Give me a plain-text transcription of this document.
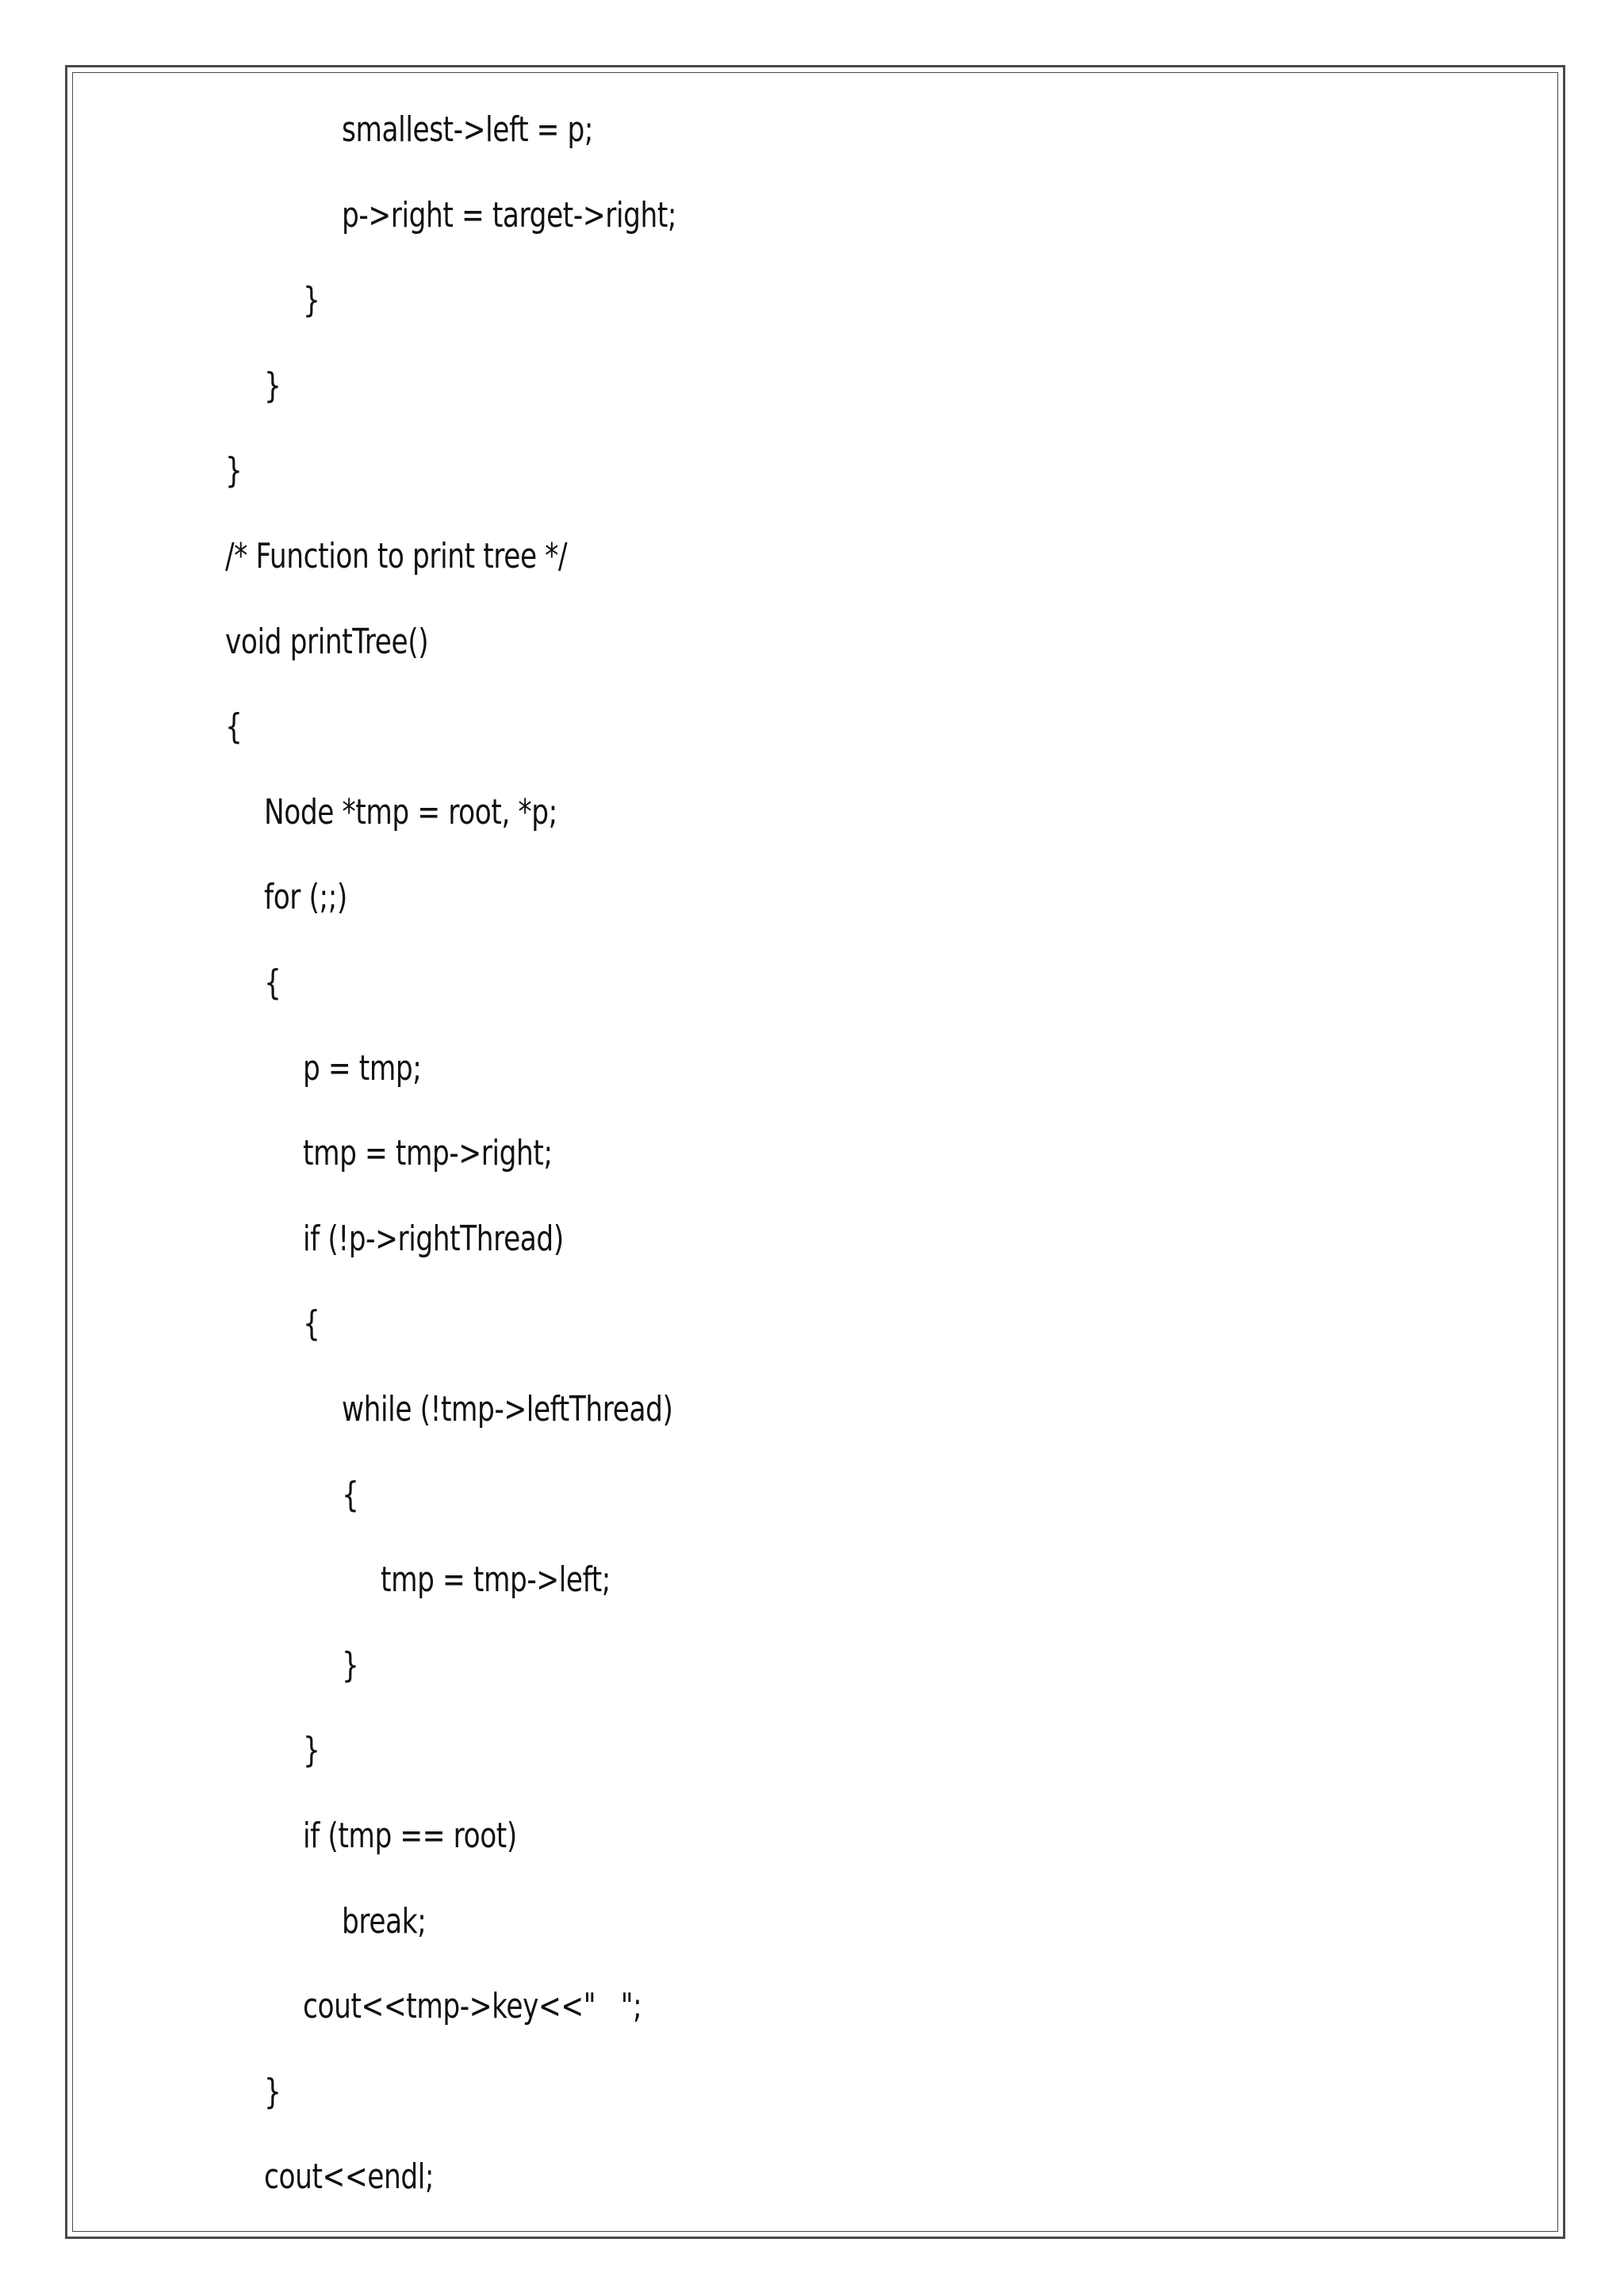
smallest->left = p;
p->right = target->right;
}
}
}
/* Function to print tree */
void printTree()
{
Node *tmp = root, *p;
for (;;)
{
p = tmp;
tmp = tmp->right;
if (!p->rightThread)
{
while (!tmp->leftThread)
{
tmp = tmp->left;
}
}
if (tmp == root)
break;
cout<<tmp->key<<"   ";
}
cout<<endl;
